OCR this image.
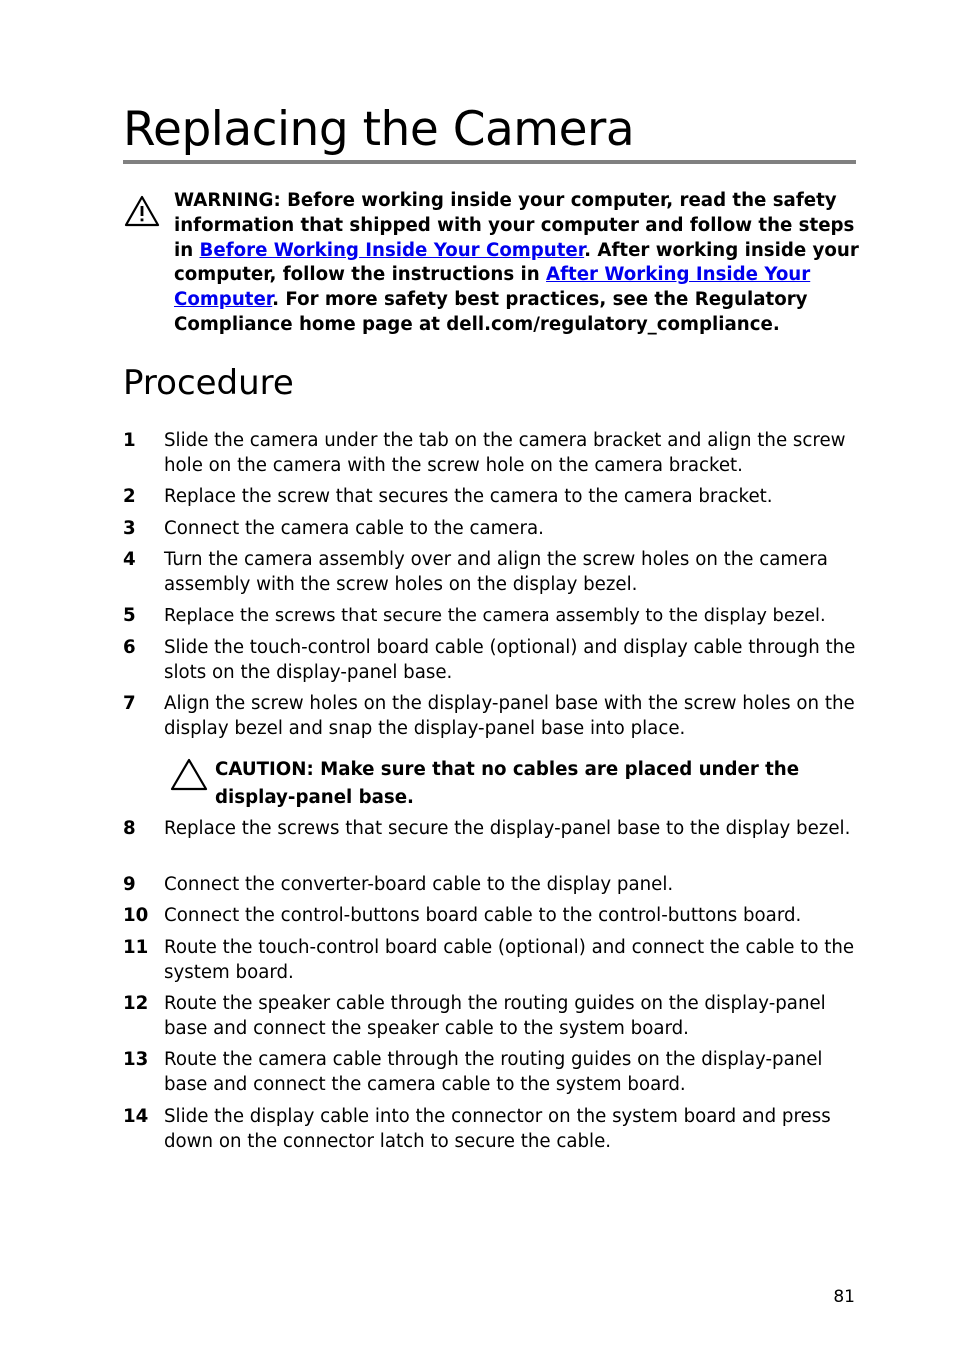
Replacing the Camera
WARNING: Before working inside your computer, read the safety information that shipped with your computer and follow the steps in Before Working Inside Your Computer. After working inside your computer, follow the instructions in After Working Inside Your Computer. For more safety best practices, see the Regulatory Compliance home page at dell.com/regulatory_compliance.
Procedure
1 Slide the camera under the tab on the camera bracket and align the screw hole on the camera with the screw hole on the camera bracket.
2 Replace the screw that secures the camera to the camera bracket.
3 Connect the camera cable to the camera.
4 Turn the camera assembly over and align the screw holes on the camera assembly with the screw holes on the display bezel.
5 Replace the screws that secure the camera assembly to the display bezel.
6 Slide the touch-control board cable (optional) and display cable through the slots on the display-panel base.
7 Align the screw holes on the display-panel base with the screw holes on the display bezel and snap the display-panel base into place.
CAUTION: Make sure that no cables are placed under the display-panel base.
8 Replace the screws that secure the display-panel base to the display bezel.
9 Connect the converter-board cable to the display panel.
10 Connect the control-buttons board cable to the control-buttons board.
11 Route the touch-control board cable (optional) and connect the cable to the system board.
12 Route the speaker cable through the routing guides on the display-panel base and connect the speaker cable to the system board.
13 Route the camera cable through the routing guides on the display-panel base and connect the camera cable to the system board.
14 Slide the display cable into the connector on the system board and press down on the connector latch to secure the cable.
81
